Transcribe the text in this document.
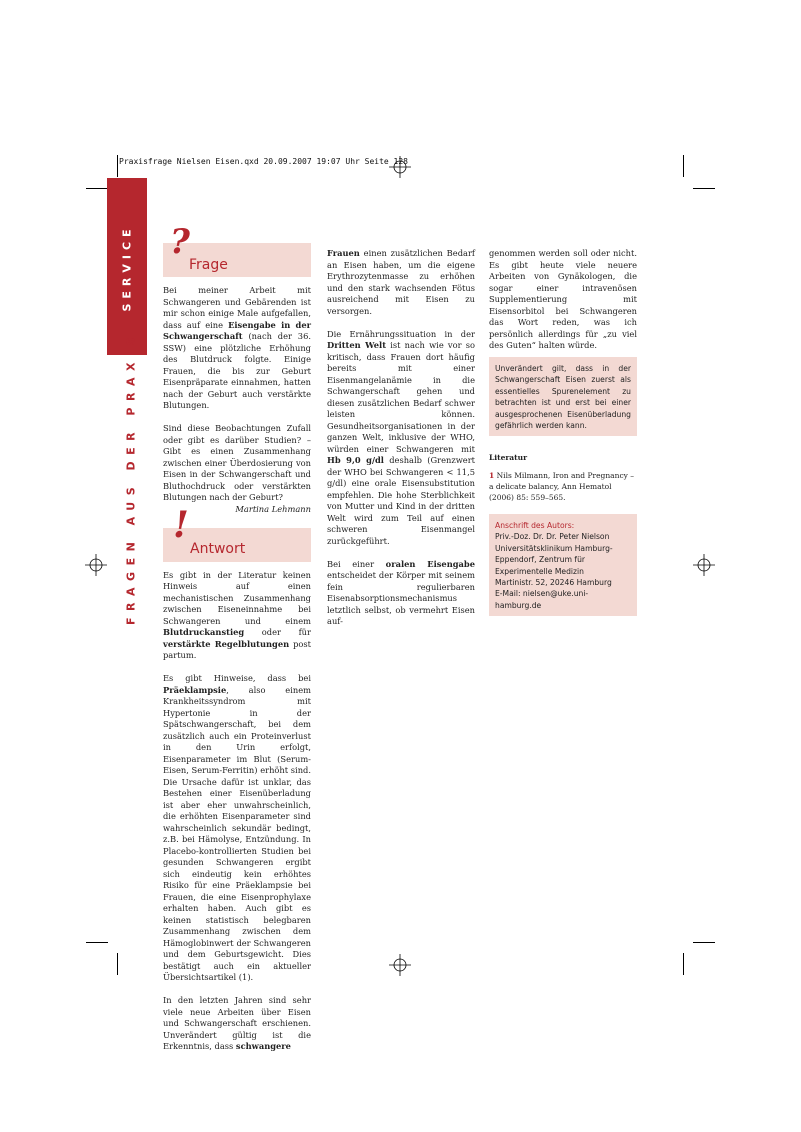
Praxisfrage Nielsen Eisen.qxd 20.09.2007 19:07 Uhr Seite 128
SERVICE
FRAGEN AUS DER PRAXIS
?
Frage

Bei meiner Arbeit mit Schwangeren und Gebärenden ist mir schon einige Male aufgefallen, dass auf eine Eisengabe in der Schwangerschaft (nach der 36. SSW) eine plötzliche Erhöhung des Blutdruck folgte. Einige Frauen, die bis zur Geburt Eisenpräparate einnahmen, hatten nach der Geburt auch verstärkte Blutungen.

Sind diese Beobachtungen Zufall oder gibt es darüber Studien? – Gibt es einen Zusammenhang zwischen einer Überdosierung von Eisen in der Schwangerschaft und Bluthochdruck oder verstärkten Blutungen nach der Geburt?

Martina Lehmann

!
Antwort

Es gibt in der Literatur keinen Hinweis auf einen mechanistischen Zusammenhang zwischen Eiseneinnahme bei Schwangeren und einem Blutdruckanstieg oder für verstärkte Regelblutungen post partum.

Es gibt Hinweise, dass bei Präeklampsie, also einem Krankheitssyndrom mit Hypertonie in der Spätschwangerschaft, bei dem zusätzlich auch ein Proteinverlust in den Urin erfolgt, Eisenparameter im Blut (Serum-Eisen, Serum-Ferritin) erhöht sind. Die Ursache dafür ist unklar, das Bestehen einer Eisenüberladung ist aber eher unwahrscheinlich, die erhöhten Eisenparameter sind wahrscheinlich sekundär bedingt, z.B. bei Hämolyse, Entzündung. In Placebo-kontrollierten Studien bei gesunden Schwangeren ergibt sich eindeutig kein erhöhtes Risiko für eine Präeklampsie bei Frauen, die eine Eisenprophylaxe erhalten haben. Auch gibt es keinen statistisch belegbaren Zusammenhang zwischen dem Hämoglobinwert der Schwangeren und dem Geburtsgewicht. Dies bestätigt auch ein aktueller Übersichtsartikel (1).

In den letzten Jahren sind sehr viele neue Arbeiten über Eisen und Schwangerschaft erschienen. Unverändert gültig ist die Erkenntnis, dass schwangere

Frauen einen zusätzlichen Bedarf an Eisen haben, um die eigene Erythrozytenmasse zu erhöhen und den stark wachsenden Fötus ausreichend mit Eisen zu versorgen.

Die Ernährungssituation in der Dritten Welt ist nach wie vor so kritisch, dass Frauen dort häufig bereits mit einer Eisenmangelanämie in die Schwangerschaft gehen und diesen zusätzlichen Bedarf schwer leisten können. Gesundheitsorganisationen in der ganzen Welt, inklusive der WHO, würden einer Schwangeren mit Hb 9,0 g/dl deshalb (Grenzwert der WHO bei Schwangeren < 11,5 g/dl) eine orale Eisensubstitution empfehlen. Die hohe Sterblichkeit von Mutter und Kind in der dritten Welt wird zum Teil auf einen schweren Eisenmangel zurückgeführt.

Bei einer oralen Eisengabe entscheidet der Körper mit seinem fein regulierbaren Eisenabsorptionsmechanismus letztlich selbst, ob vermehrt Eisen auf-

genommen werden soll oder nicht. Es gibt heute viele neuere Arbeiten von Gynäkologen, die sogar einer intravenösen Supplementierung mit Eisensorbitol bei Schwangeren das Wort reden, was ich persönlich allerdings für „zu viel des Guten“ halten würde.

Unverändert gilt, dass in der Schwangerschaft Eisen zuerst als essentielles Spurenelement zu betrachten ist und erst bei einer ausgesprochenen Eisenüberladung gefährlich werden kann.
Literatur
1 Nils Milmann, Iron and Pregnancy – a delicate balancy, Ann Hematol (2006) 85: 559–565.
Anschrift des Autors:
Priv.-Doz. Dr. Dr. Peter Nielson
Universitätsklinikum Hamburg-
Eppendorf, Zentrum für
Experimentelle Medizin
Martinistr. 52, 20246 Hamburg
E-Mail: nielsen@uke.uni-hamburg.de
